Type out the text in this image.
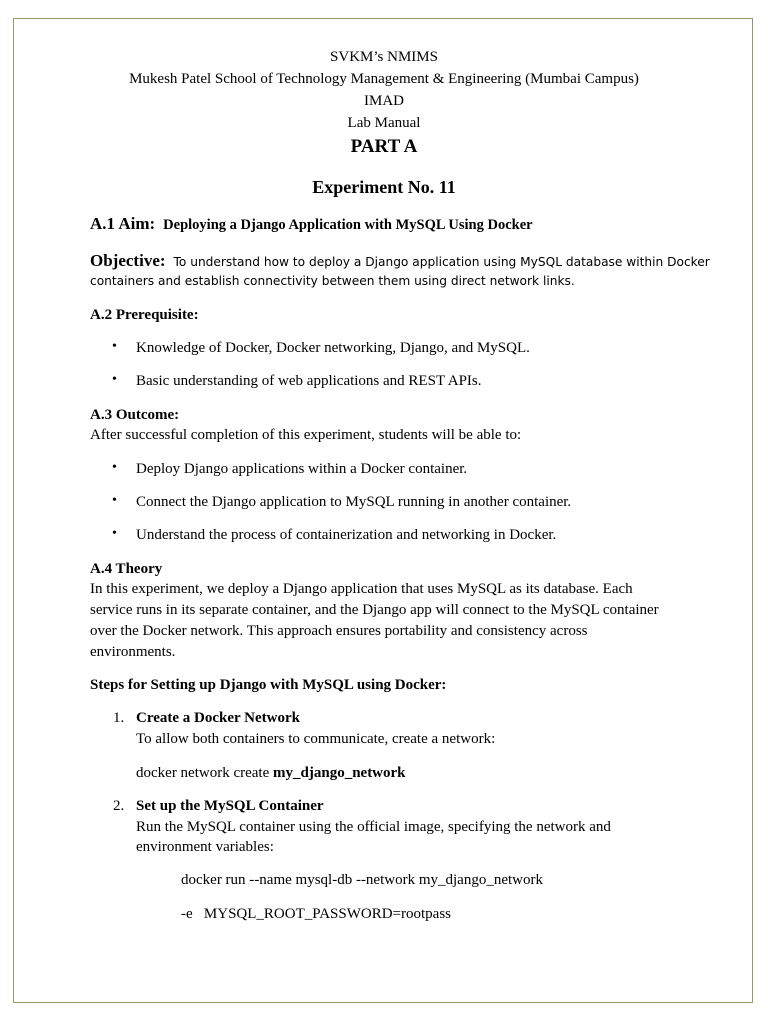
SVKM’s NMIMS
Mukesh Patel School of Technology Management & Engineering (Mumbai Campus)
IMAD
Lab Manual
PART A
Experiment No. 11
A.1 Aim: Deploying a Django Application with MySQL Using Docker
Objective: To understand how to deploy a Django application using MySQL database within Docker
containers and establish connectivity between them using direct network links.
A.2 Prerequisite:
• Knowledge of Docker, Docker networking, Django, and MySQL.
• Basic understanding of web applications and REST APIs.
A.3 Outcome:
After successful completion of this experiment, students will be able to:
• Deploy Django applications within a Docker container.
• Connect the Django application to MySQL running in another container.
• Understand the process of containerization and networking in Docker.
A.4 Theory
In this experiment, we deploy a Django application that uses MySQL as its database. Each
service runs in its separate container, and the Django app will connect to the MySQL container
over the Docker network. This approach ensures portability and consistency across
environments.
Steps for Setting up Django with MySQL using Docker:
1. Create a Docker Network
To allow both containers to communicate, create a network:
docker network create my_django_network
2. Set up the MySQL Container
Run the MySQL container using the official image, specifying the network and
environment variables:
docker run --name mysql-db --network my_django_network
-e   MYSQL_ROOT_PASSWORD=rootpass
